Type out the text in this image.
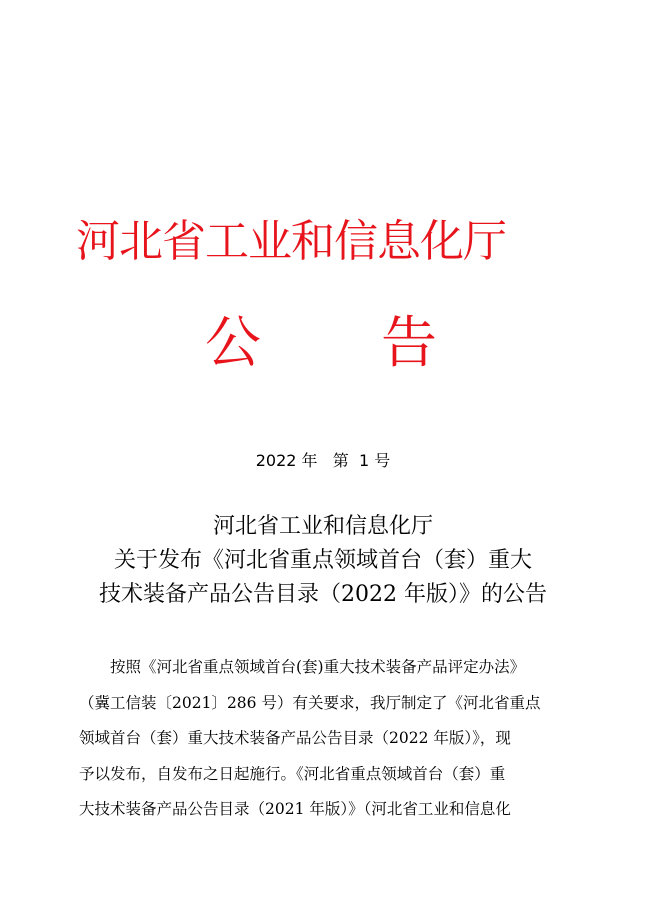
河北省工业和信息化厅
公 告
2022 年   第  1 号
河北省工业和信息化厅
关于发布《河北省重点领域首台（套）重大
技术装备产品公告目录（2022 年版）》的公告
按照《河北省重点领域首台(套)重大技术装备产品评定办法》
（冀工信装〔2021〕286 号）有关要求，我厅制定了《河北省重点
领域首台（套）重大技术装备产品公告目录（2022 年版）》，现
予以发布，自发布之日起施行。《河北省重点领域首台（套）重
大技术装备产品公告目录（2021 年版）》（河北省工业和信息化
